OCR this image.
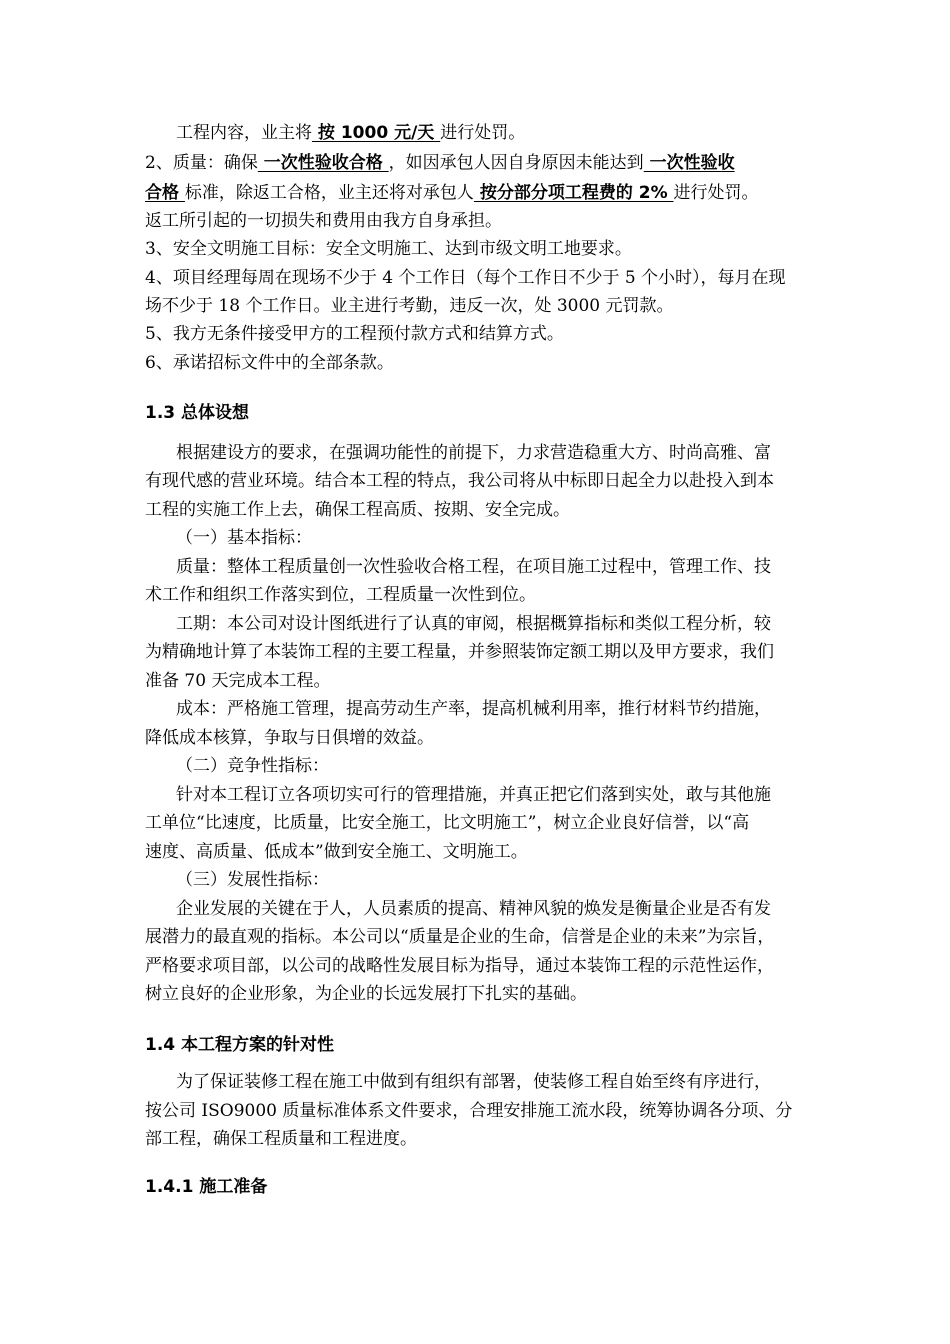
工程内容，业主将 按 1000 元/天 进行处罚。
2、质量：确保 一次性验收合格 ，如因承包人因自身原因未能达到 一次性验收
合格 标准，除返工合格，业主还将对承包人 按分部分项工程费的 2% 进行处罚。
返工所引起的一切损失和费用由我方自身承担。
3、安全文明施工目标：安全文明施工、达到市级文明工地要求。
4、项目经理每周在现场不少于 4 个工作日（每个工作日不少于 5 个小时），每月在现
场不少于 18 个工作日。业主进行考勤，违反一次，处 3000 元罚款。
5、我方无条件接受甲方的工程预付款方式和结算方式。
6、承诺招标文件中的全部条款。
1.3 总体设想
根据建设方的要求，在强调功能性的前提下，力求营造稳重大方、时尚高雅、富
有现代感的营业环境。结合本工程的特点，我公司将从中标即日起全力以赴投入到本
工程的实施工作上去，确保工程高质、按期、安全完成。
（一）基本指标：
质量：整体工程质量创一次性验收合格工程，在项目施工过程中，管理工作、技
术工作和组织工作落实到位，工程质量一次性到位。
工期：本公司对设计图纸进行了认真的审阅，根据概算指标和类似工程分析，较
为精确地计算了本装饰工程的主要工程量，并参照装饰定额工期以及甲方要求，我们
准备 70 天完成本工程。
成本：严格施工管理，提高劳动生产率，提高机械利用率，推行材料节约措施，
降低成本核算，争取与日俱增的效益。
（二）竞争性指标：
针对本工程订立各项切实可行的管理措施，并真正把它们落到实处，敢与其他施
工单位“比速度，比质量，比安全施工，比文明施工”，树立企业良好信誉，以“高
速度、高质量、低成本”做到安全施工、文明施工。
（三）发展性指标：
企业发展的关键在于人，人员素质的提高、精神风貌的焕发是衡量企业是否有发
展潜力的最直观的指标。本公司以“质量是企业的生命，信誉是企业的未来”为宗旨，
严格要求项目部，以公司的战略性发展目标为指导，通过本装饰工程的示范性运作，
树立良好的企业形象，为企业的长远发展打下扎实的基础。
1.4 本工程方案的针对性
为了保证装修工程在施工中做到有组织有部署，使装修工程自始至终有序进行，
按公司 ISO9000 质量标准体系文件要求，合理安排施工流水段，统筹协调各分项、分
部工程，确保工程质量和工程进度。
1.4.1 施工准备
